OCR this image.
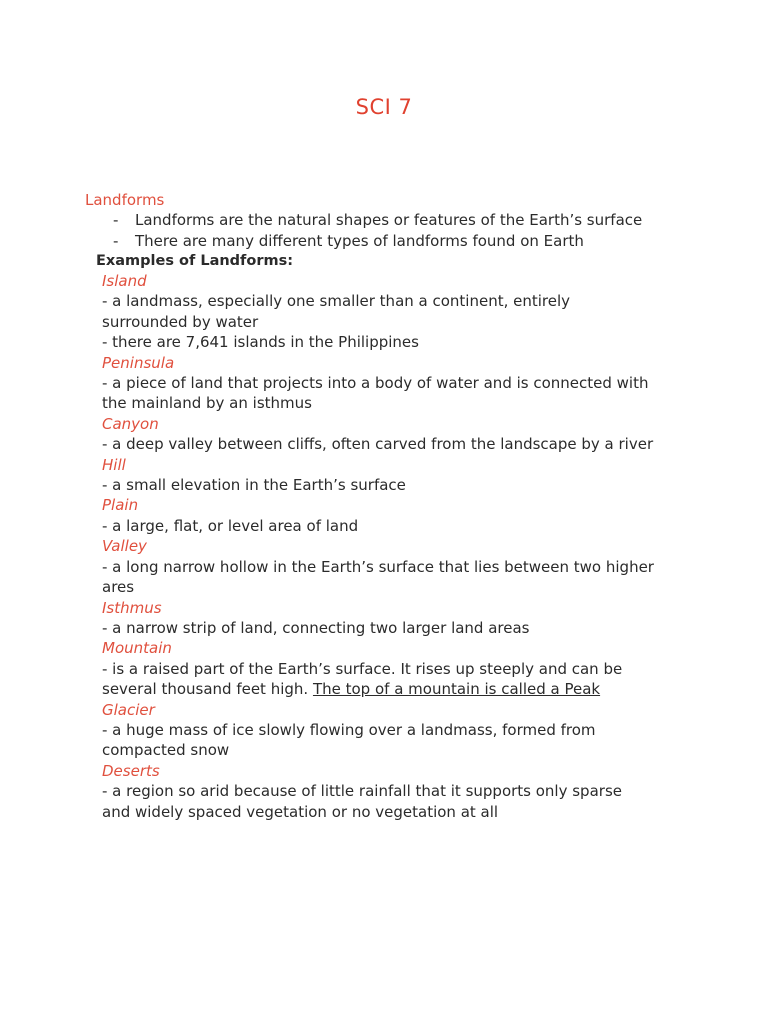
SCI 7
Landforms
- Landforms are the natural shapes or features of the Earth’s surface
- There are many different types of landforms found on Earth
Examples of Landforms:
Island
- a landmass, especially one smaller than a continent, entirely
surrounded by water
- there are 7,641 islands in the Philippines
Peninsula
- a piece of land that projects into a body of water and is connected with
the mainland by an isthmus
Canyon
- a deep valley between cliffs, often carved from the landscape by a river
Hill
- a small elevation in the Earth’s surface
Plain
- a large, flat, or level area of land
Valley
- a long narrow hollow in the Earth’s surface that lies between two higher
ares
Isthmus
- a narrow strip of land, connecting two larger land areas
Mountain
- is a raised part of the Earth’s surface. It rises up steeply and can be
several thousand feet high. The top of a mountain is called a Peak
Glacier
- a huge mass of ice slowly flowing over a landmass, formed from
compacted snow
Deserts
- a region so arid because of little rainfall that it supports only sparse
and widely spaced vegetation or no vegetation at all
